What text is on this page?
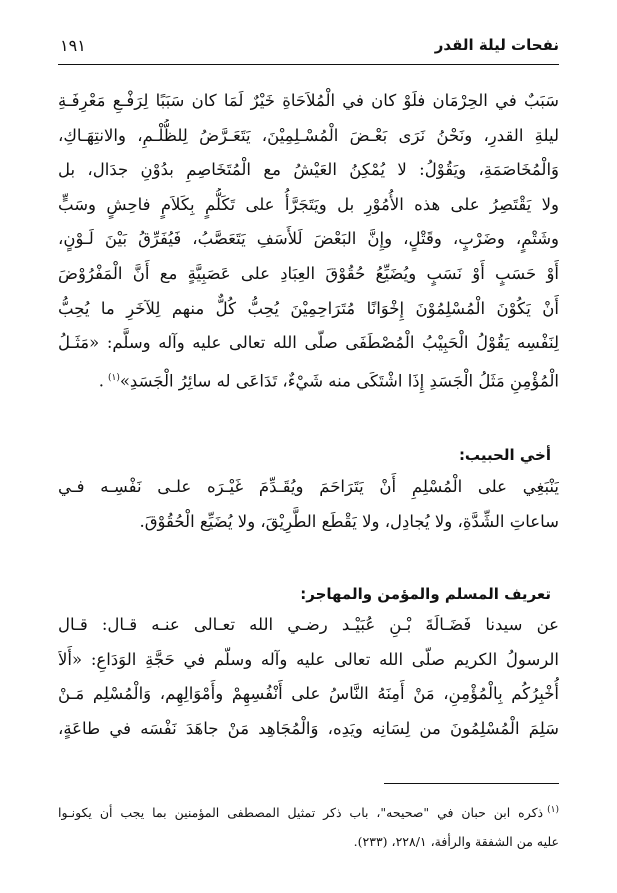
نفحات ليلة القدر
١٩١
سَبَبٌ في الحِرْمَان فلَوْ كان في الْمُلاَحَاةِ خَيْرٌ لَمَا كان سَبَبًا لِرَفْـعِ مَعْرِفَـةِ
ليلةِ القدرِ، ونَحْنُ نَرَى بَعْـضَ الْمُسْـلِمِيْنَ، يَتَعَـرَّضُ لِلظُّلْـمِ، والانتِهَـاكِ،
وَالْمُخَاصَمَةِ، ويَقُوْلُ: لا يُمْكِنُ العَيْشُ مع الْمُتَخَاصِمِ بدُوْنِ جدَال، بل
ولا يَقْتَصِرُ على هذه الأُمُوْرِ بل ويَتَجَرَّأُ على تَكَلُّمٍ بِكَلاَمٍ فاحِشٍ وسَبٍّ
وشَتْمٍ، وضَرْبٍ، وقَتْلٍ، وإِنَّ البَعْضَ لَلأَسَفِ يَتَعَصَّبُ، فَيُفَرِّقُ بَيْنَ لَـوْنٍ،
أَوْ حَسَبٍ أَوْ نَسَبٍ ويُضَيِّعُ حُقُوْقَ العِبَادِ على عَصَبِيَّةٍ مع أَنَّ الْمَفْرُوْضَ
أَنْ يَكُوْنَ الْمُسْلِمُوْنَ إِخْوَانًا مُتَرَاحِمِيْنَ يُحِبُّ كُلٌّ منهم لِلآخَرِ ما يُحِبُّ
لِنَفْسِه يَقُوْلُ الْحَبِيْبُ الْمُصْطَفَى صلّى الله تعالى عليه وآله وسلَّم: «مَثَـلُ
الْمُؤْمِنِ مَثَلُ الْجَسَدِ إِذَا اشْتَكَى منه شَيْءٌ، تَدَاعَى له سائِرُ الْجَسَدِ»$^{(١)}$.
أخي الحبيب:
يَنْبَغِي على الْمُسْلِمِ أَنْ يَتَرَاحَمَ ويُقَـدِّمَ غَيْـرَه علـى نَفْسِـه فـي
ساعاتِ الشِّدَّةِ، ولا يُجادِل، ولا يَقْطَع الطَّرِيْقَ، ولا يُضَيِّع الْحُقُوْقَ.
تعريف المسلم والمؤمن والمهاجر:
عن سيدنا فَضَـالَةَ بْـنِ عُبَيْـد رضـي الله تعـالى عنـه قـال: قـال
الرسولُ الكريم صلّى الله تعالى عليه وآله وسلّم في حَجَّةِ الوَدَاعِ: «أَلاَ
أُخْبِرُكُم بِالْمُؤْمِنِ، مَنْ أَمِنَهُ النَّاسُ على أَنْفُسِهِمْ وأَمْوَالِهِم، وَالْمُسْلِم مَـنْ
سَلِمَ الْمُسْلِمُونَ من لِسَانِه ويَدِه، وَالْمُجَاهِد مَنْ جاهَدَ نَفْسَه في طاعَةٍ،
$^{(١)}$ذكره ابن حبان في "صحيحه"، باب ذكر تمثيل المصطفى المؤمنين بما يجب أن يكونـوا
عليه من الشفقة والرأفة، ٢٢٨/١، (٢٣٣).
